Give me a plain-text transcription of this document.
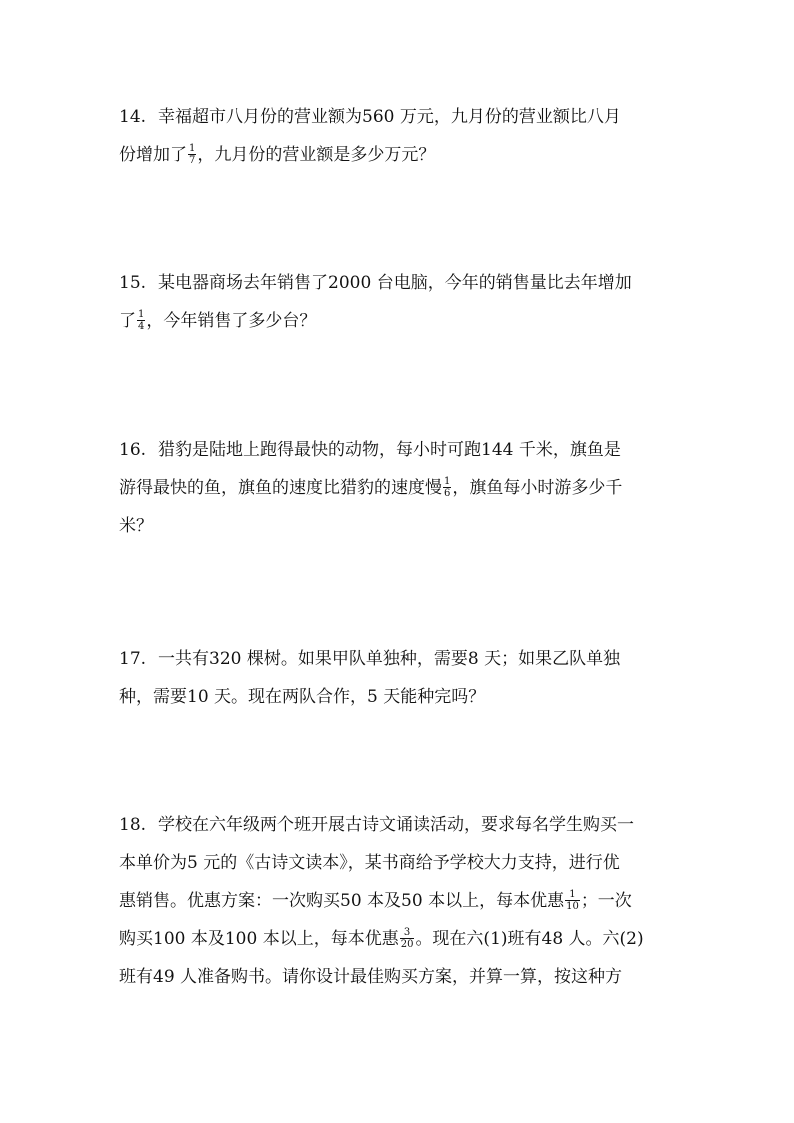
14. 幸福超市八月份的营业额为560 万元，九月份的营业额比八月
份增加了 $\frac{1}{7}$ ，九月份的营业额是多少万元？
15. 某电器商场去年销售了2000 台电脑，今年的销售量比去年增加
了 $\frac{1}{4}$ ，今年销售了多少台？
16. 猎豹是陆地上跑得最快的动物，每小时可跑144 千米，旗鱼是
游得最快的鱼，旗鱼的速度比猎豹的速度慢 $\frac{1}{6}$ ，旗鱼每小时游多少千
米？
17. 一共有320 棵树。如果甲队单独种，需要8 天；如果乙队单独
种，需要10 天。现在两队合作，5 天能种完吗？
18. 学校在六年级两个班开展古诗文诵读活动，要求每名学生购买一
本单价为5 元的《古诗文读本》，某书商给予学校大力支持，进行优
惠销售。优惠方案：一次购买50 本及50 本以上，每本优惠 $\frac{1}{10}$ ；一次
购买100 本及100 本以上，每本优惠 $\frac{3}{20}$ 。现在六(1)班有48 人。六(2)
班有49 人准备购书。请你设计最佳购买方案，并算一算，按这种方
